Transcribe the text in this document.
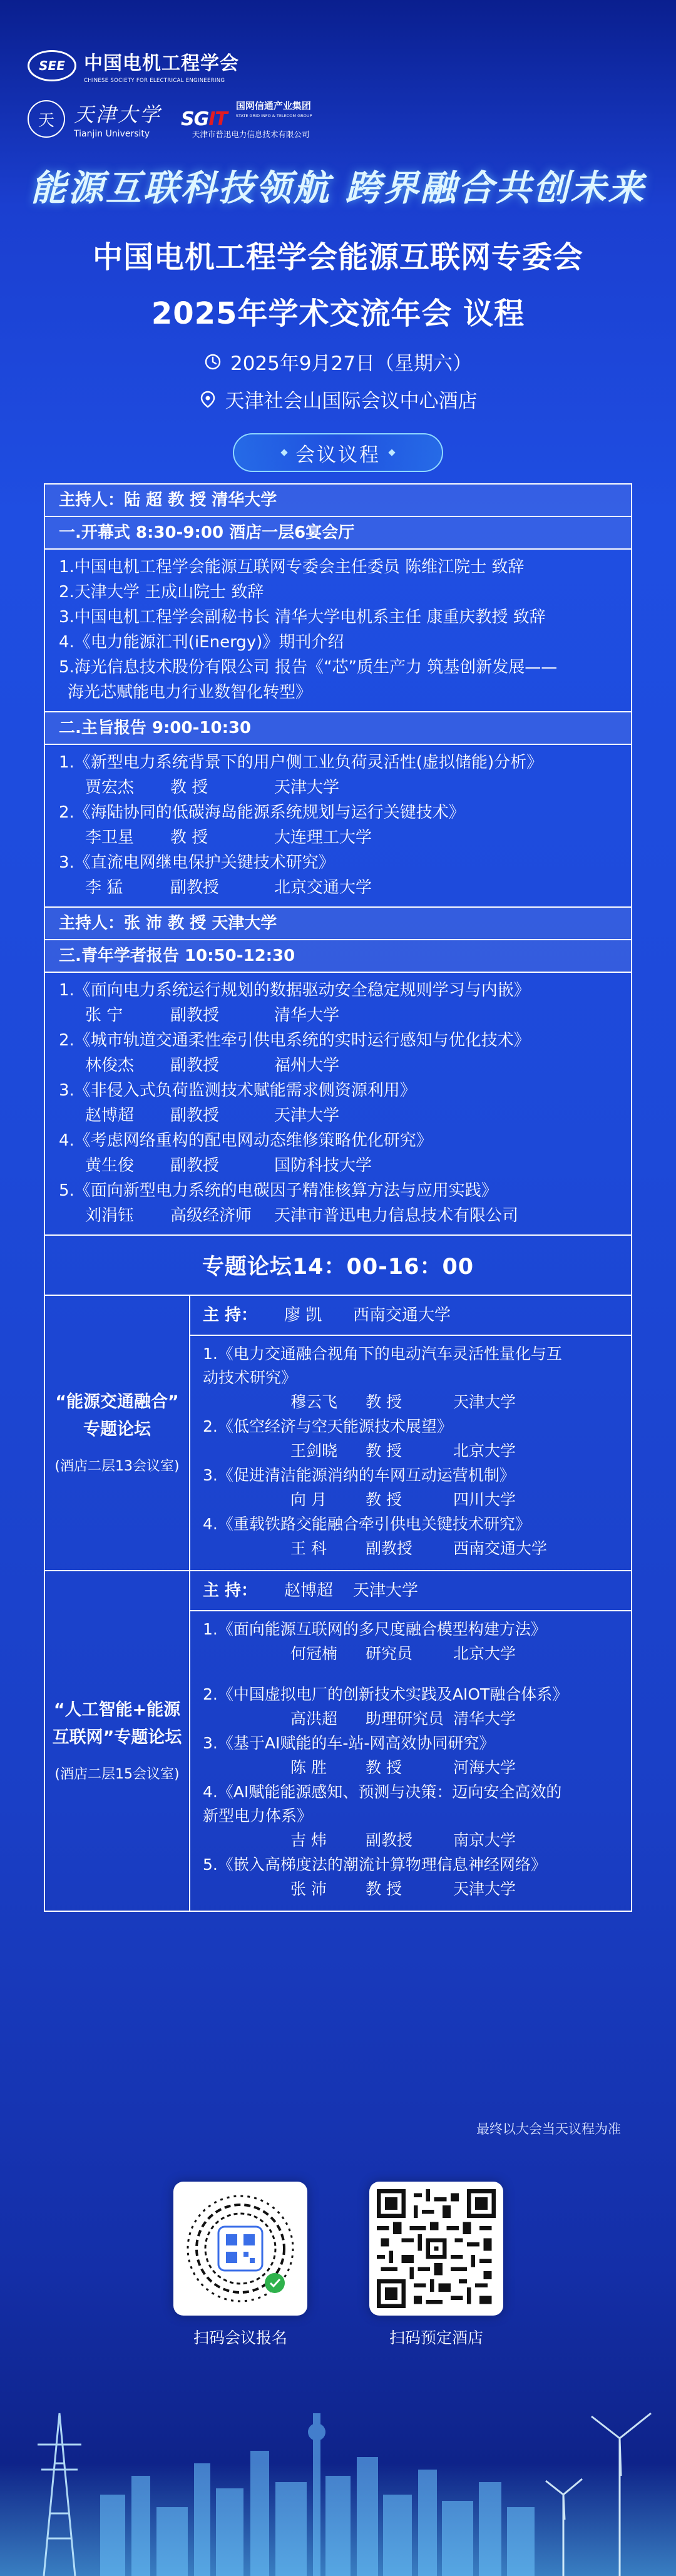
SEE	中国电机工程学会
CHINESE SOCIETY FOR ELECTRICAL ENGINEERING
天 天津大学
Tianjin University
SGIT
国网信通产业集团
STATE GRID INFO & TELECOM GROUP
天津市普迅电力信息技术有限公司
能源互联科技领航 跨界融合共创未来
中国电机工程学会能源互联网专委会
2025年学术交流年会 议程
2025年9月27日（星期六）
天津社会山国际会议中心酒店
会议议程
主持人：陆 超 教 授 清华大学
一.开幕式 8:30-9:00 酒店一层6宴会厅
1.中国电机工程学会能源互联网专委会主任委员 陈维江院士 致辞
2.天津大学 王成山院士 致辞
3.中国电机工程学会副秘书长 清华大学电机系主任 康重庆教授 致辞
4.《电力能源汇刊(iEnergy)》期刊介绍
5.海光信息技术股份有限公司 报告《“芯”质生产力 筑基创新发展——
海光芯赋能电力行业数智化转型》
二.主旨报告 9:00-10:30
1.《新型电力系统背景下的用户侧工业负荷灵活性(虚拟储能)分析》
贾宏杰	教 授	天津大学
2.《海陆协同的低碳海岛能源系统规划与运行关键技术》
李卫星	教 授	大连理工大学
3.《直流电网继电保护关键技术研究》
李 猛	副教授	北京交通大学
主持人：张 沛 教 授 天津大学
三.青年学者报告 10:50-12:30
1.《面向电力系统运行规划的数据驱动安全稳定规则学习与内嵌》
张 宁	副教授	清华大学
2.《城市轨道交通柔性牵引供电系统的实时运行感知与优化技术》
林俊杰	副教授	福州大学
3.《非侵入式负荷监测技术赋能需求侧资源利用》
赵博超	副教授	天津大学
4.《考虑网络重构的配电网动态维修策略优化研究》
黄生俊	副教授	国防科技大学
5.《面向新型电力系统的电碳因子精准核算方法与应用实践》
刘涓钰	高级经济师	天津市普迅电力信息技术有限公司
专题论坛14：00-16：00
“能源交通融合”
专题论坛
(酒店二层13会议室)
主 持：	廖 凯	西南交通大学
1.《电力交通融合视角下的电动汽车灵活性量化与互
动技术研究》
穆云飞	教 授	天津大学
2.《低空经济与空天能源技术展望》
王剑晓	教 授	北京大学
3.《促进清洁能源消纳的车网互动运营机制》
向 月	教 授	四川大学
4.《重载铁路交能融合牵引供电关键技术研究》
王 科	副教授	西南交通大学
“人工智能+能源
互联网”专题论坛
(酒店二层15会议室)
主 持：	赵博超	天津大学
1.《面向能源互联网的多尺度融合模型构建方法》
何冠楠	研究员	北京大学
2.《中国虚拟电厂的创新技术实践及AIOT融合体系》
高洪超	助理研究员 清华大学
3.《基于AI赋能的车-站-网高效协同研究》
陈 胜	教 授	河海大学
4.《AI赋能能源感知、预测与决策：迈向安全高效的
新型电力体系》
吉 炜	副教授	南京大学
5.《嵌入高梯度法的潮流计算物理信息神经网络》
张 沛	教 授	天津大学
最终以大会当天议程为准
扫码会议报名	扫码预定酒店
